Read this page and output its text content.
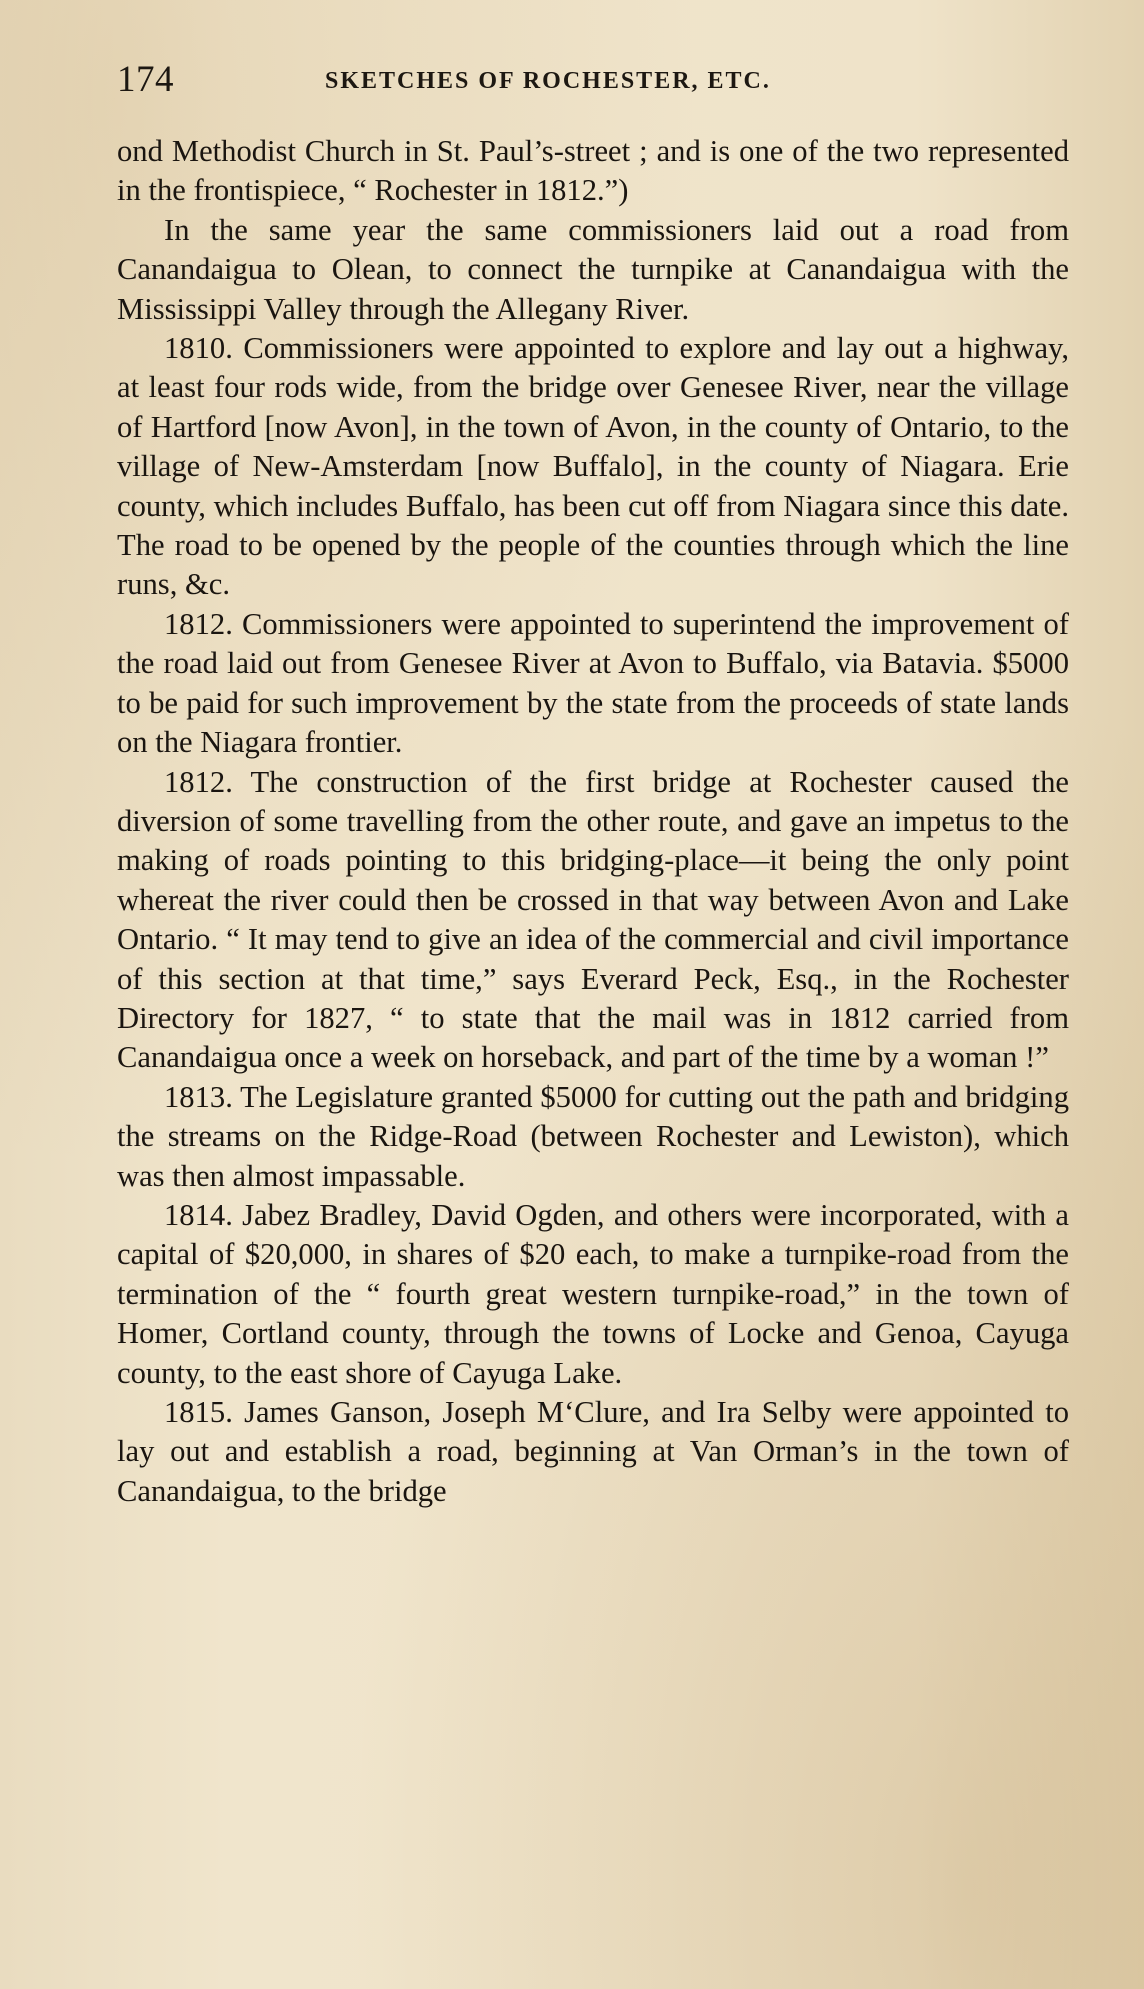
174	SKETCHES OF ROCHESTER, ETC.

ond Methodist Church in St. Paul’s-street ; and is one of the two represented in the frontispiece, “ Rochester in 1812.”)

In the same year the same commissioners laid out a road from Canandaigua to Olean, to connect the turnpike at Canandaigua with the Mississippi Valley through the Allegany River.

1810. Commissioners were appointed to explore and lay out a highway, at least four rods wide, from the bridge over Genesee River, near the village of Hartford [now Avon], in the town of Avon, in the county of Ontario, to the village of New-Amsterdam [now Buffalo], in the county of Niagara. Erie county, which includes Buffalo, has been cut off from Niagara since this date. The road to be opened by the people of the counties through which the line runs, &c.

1812. Commissioners were appointed to superintend the improvement of the road laid out from Genesee River at Avon to Buffalo, via Batavia. $5000 to be paid for such improvement by the state from the proceeds of state lands on the Niagara frontier.

1812. The construction of the first bridge at Rochester caused the diversion of some travelling from the other route, and gave an impetus to the making of roads pointing to this bridging-place—it being the only point whereat the river could then be crossed in that way between Avon and Lake Ontario. “ It may tend to give an idea of the commercial and civil importance of this section at that time,” says Everard Peck, Esq., in the Rochester Directory for 1827, “ to state that the mail was in 1812 carried from Canandaigua once a week on horseback, and part of the time by a woman !”

1813. The Legislature granted $5000 for cutting out the path and bridging the streams on the Ridge-Road (between Rochester and Lewiston), which was then almost impassable.

1814. Jabez Bradley, David Ogden, and others were incorporated, with a capital of $20,000, in shares of $20 each, to make a turnpike-road from the termination of the “ fourth great western turnpike-road,” in the town of Homer, Cortland county, through the towns of Locke and Genoa, Cayuga county, to the east shore of Cayuga Lake.

1815. James Ganson, Joseph M‘Clure, and Ira Selby were appointed to lay out and establish a road, beginning at Van Orman’s in the town of Canandaigua, to the bridge
